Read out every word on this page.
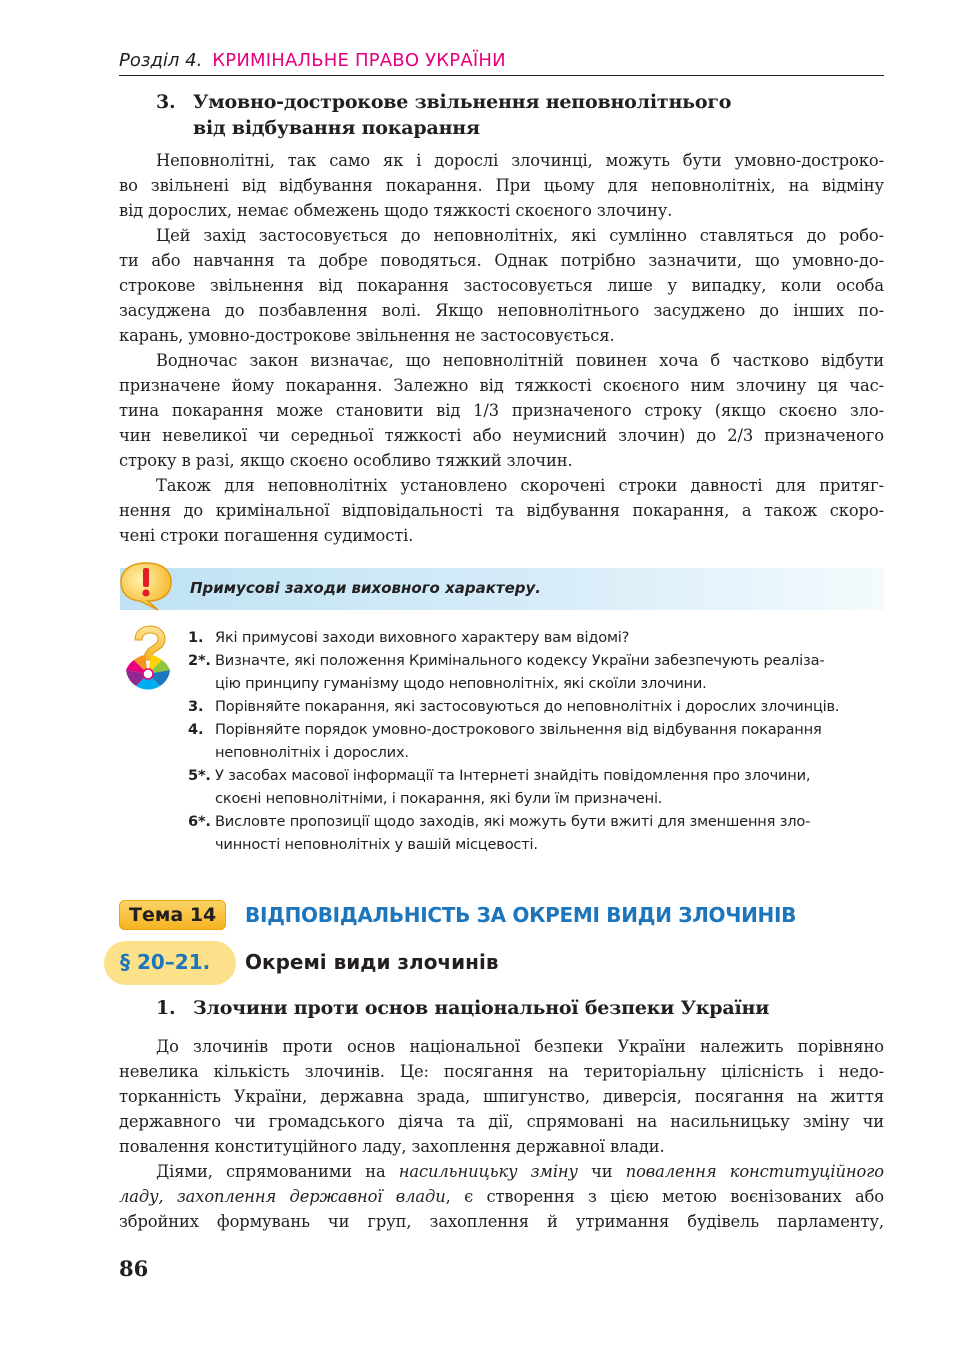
Розділ 4. КРИМІНАЛЬНЕ ПРАВО УКРАЇНИ
3. Умовно-дострокове звільнення неповнолітнього
від відбування покарання
Неповнолітні, так само як і дорослі злочинці, можуть бути умовно-достроко-
во звільнені від відбування покарання. При цьому для неповнолітніх, на відміну
від дорослих, немає обмежень щодо тяжкості скоєного злочину.
Цей захід застосовується до неповнолітніх, які сумлінно ставляться до робо-
ти або навчання та добре поводяться. Однак потрібно зазначити, що умовно-до-
строкове звільнення від покарання застосовується лише у випадку, коли особа
засуджена до позбавлення волі. Якщо неповнолітнього засуджено до інших по-
карань, умовно-дострокове звільнення не застосовується.
Водночас закон визначає, що неповнолітній повинен хоча б частково відбути
призначене йому покарання. Залежно від тяжкості скоєного ним злочину ця час-
тина покарання може становити від 1/3 призначеного строку (якщо скоєно зло-
чин невеликої чи середньої тяжкості або неумисний злочин) до 2/3 призначеного
строку в разі, якщо скоєно особливо тяжкий злочин.
Також для неповнолітніх установлено скорочені строки давності для притяг-
нення до кримінальної відповідальності та відбування покарання, а також скоро-
чені строки погашення судимості.
Примусові заходи виховного характеру.
1. Які примусові заходи виховного характеру вам відомі?
2*. Визначте, які положення Кримінального кодексу України забезпечують реаліза-
цію принципу гуманізму щодо неповнолітніх, які скоїли злочини.
3. Порівняйте покарання, які застосовуються до неповнолітніх і дорослих злочинців.
4. Порівняйте порядок умовно-дострокового звільнення від відбування покарання
неповнолітніх і дорослих.
5*. У засобах масової інформації та Інтернеті знайдіть повідомлення про злочини,
скоєні неповнолітніми, і покарання, які були їм призначені.
6*. Висловте пропозиції щодо заходів, які можуть бути вжиті для зменшення зло-
чинності неповнолітніх у вашій місцевості.
Тема 14	ВІДПОВІДАЛЬНІСТЬ ЗА ОКРЕМІ ВИДИ ЗЛОЧИНІВ
§ 20–21. Окремі види злочинів
1. Злочини проти основ національної безпеки України
До злочинів проти основ національної безпеки України належить порівняно
невелика кількість злочинів. Це: посягання на територіальну цілісність і недо-
торканність України, державна зрада, шпигунство, диверсія, посягання на життя
державного чи громадського діяча та дії, спрямовані на насильницьку зміну чи
повалення конституційного ладу, захоплення державної влади.
Діями, спрямованими на насильницьку зміну чи повалення конституційного
ладу, захоплення державної влади, є створення з цією метою воєнізованих або
збройних формувань чи груп, захоплення й утримання будівель парламенту,
86
